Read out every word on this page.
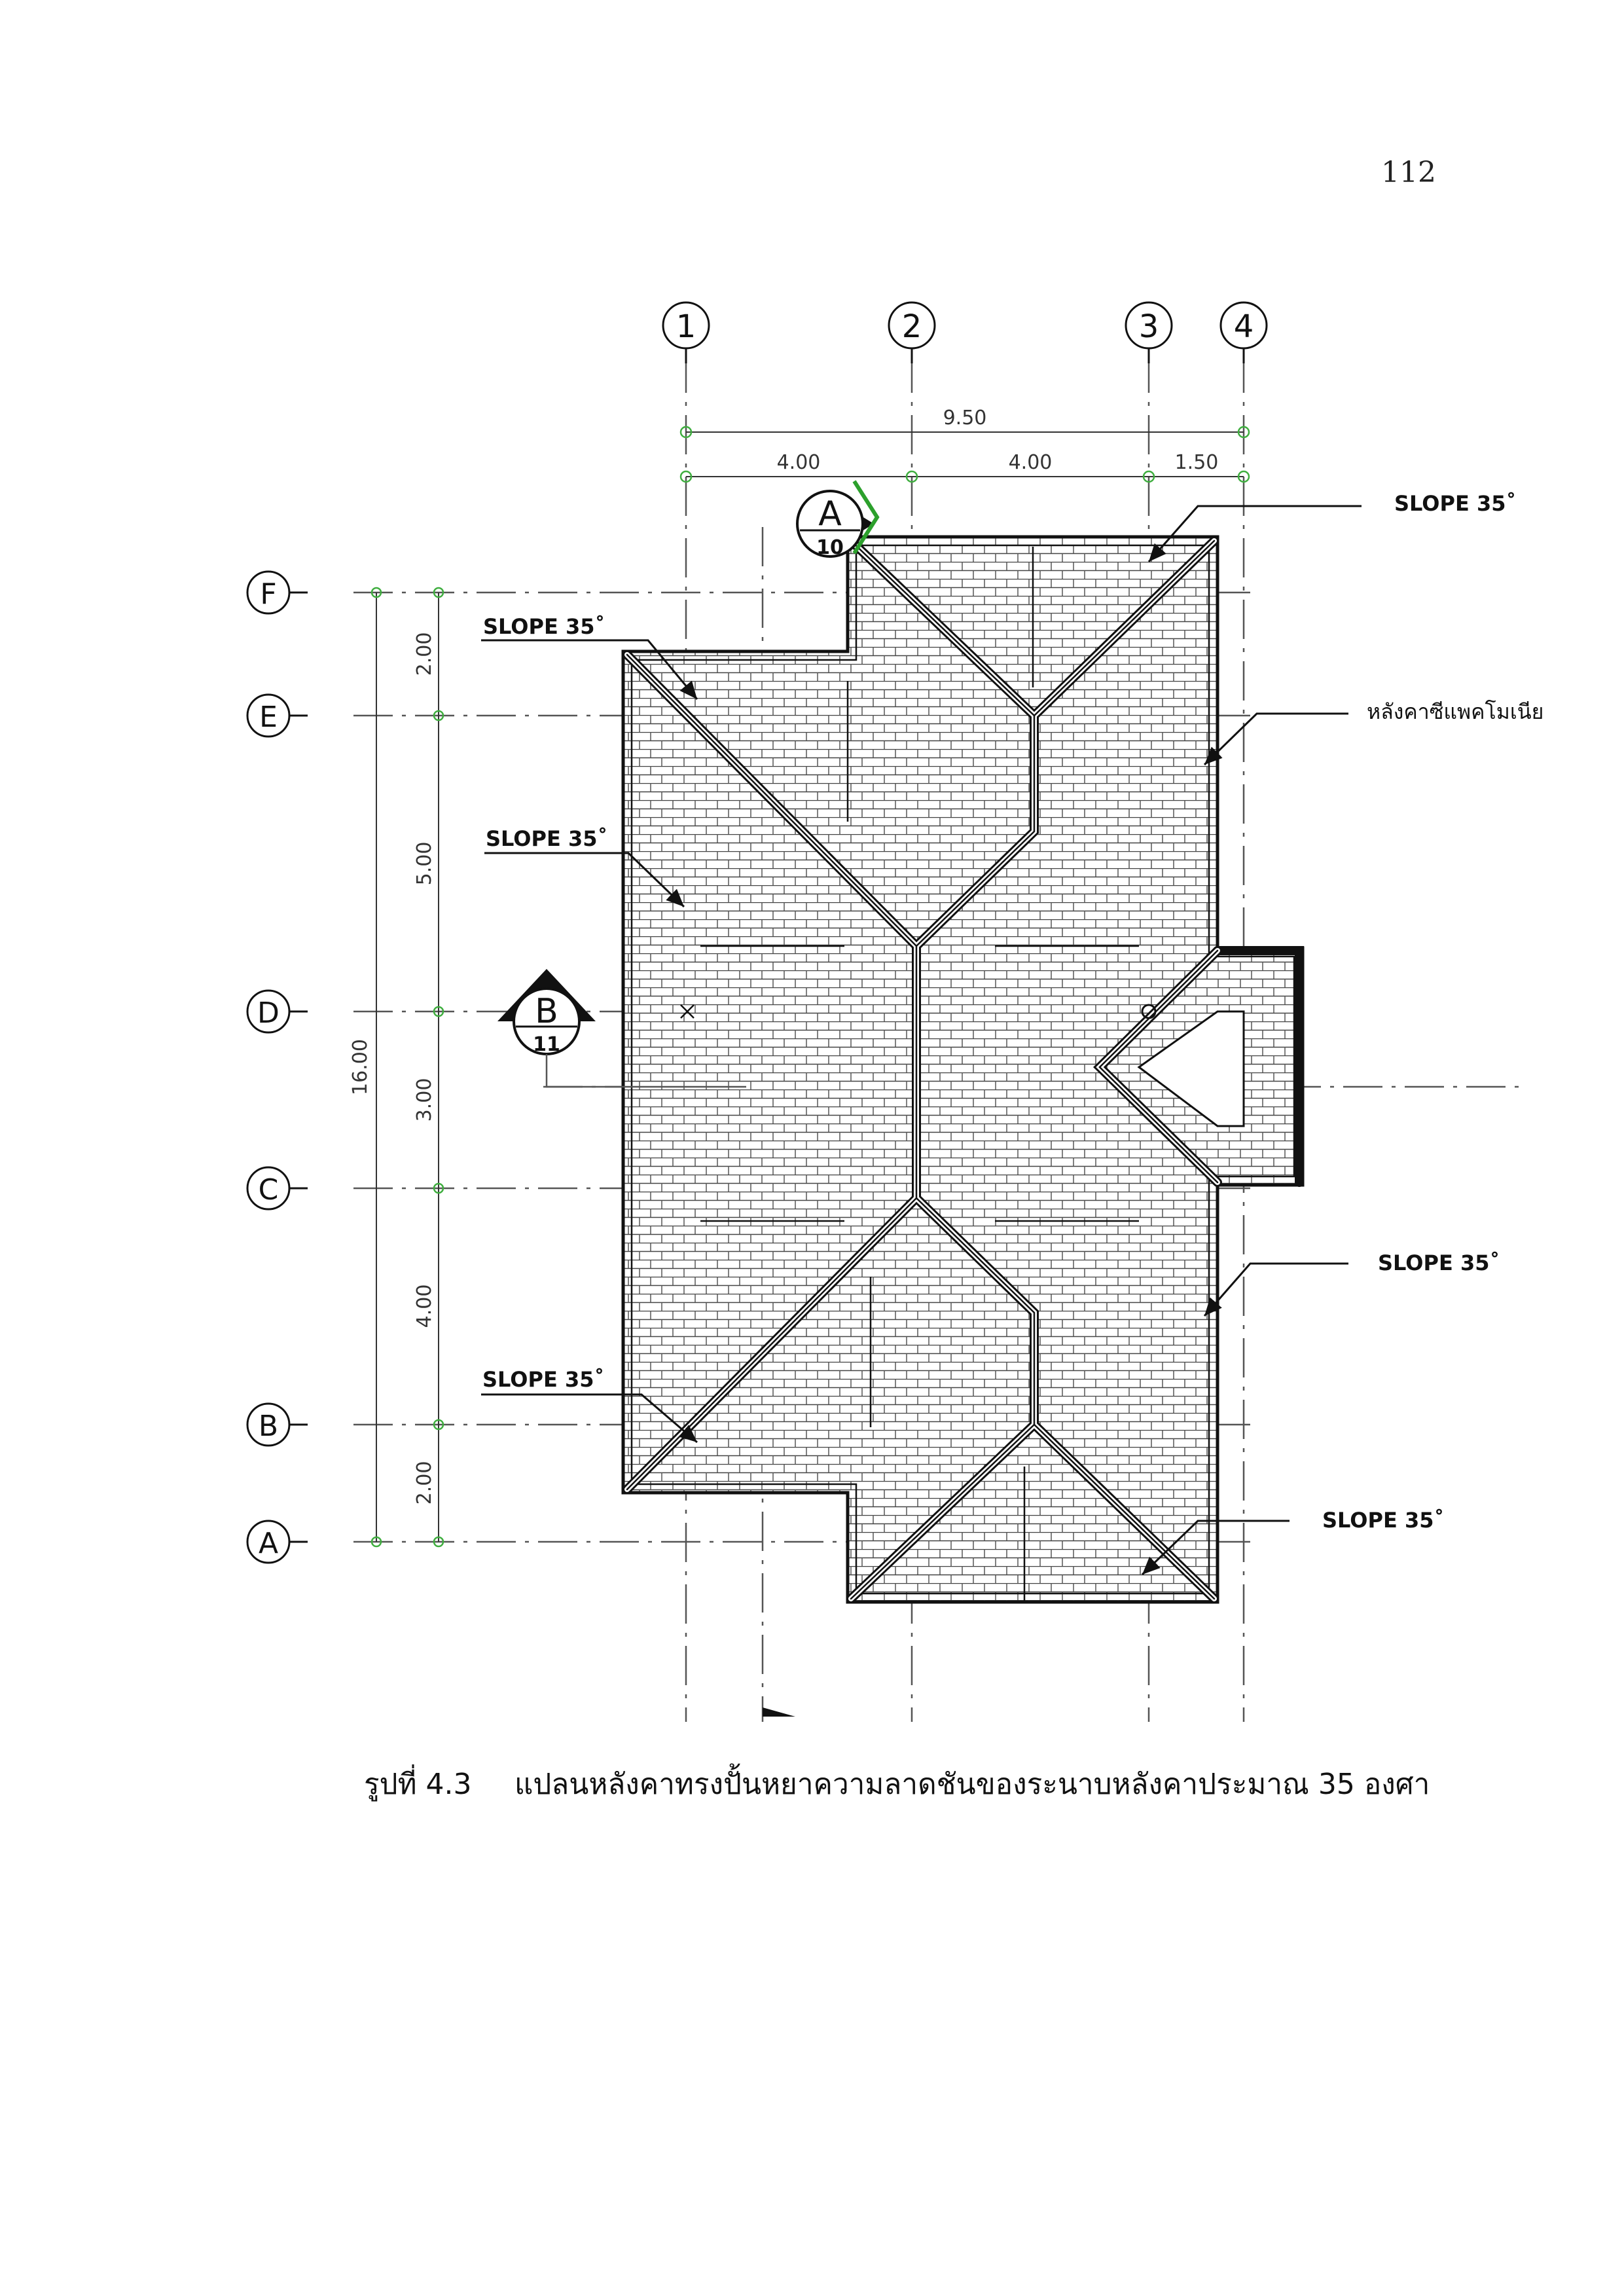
112
1	2	3 4
F
E
D
C
B
A
9.50
4.00	4.00	1.50
16.00
2.00
5.00
3.00
4.00
2.00
A
10
B
11
SLOPE 35˚
SLOPE 35˚
SLOPE 35˚
หลังคาซีแพคโมเนีย
SLOPE 35˚
SLOPE 35˚
SLOPE 35˚
รูปที่ 4.3 แปลนหลังคาทรงปั้นหยาความลาดชันของระนาบหลังคาประมาณ 35 องศา
